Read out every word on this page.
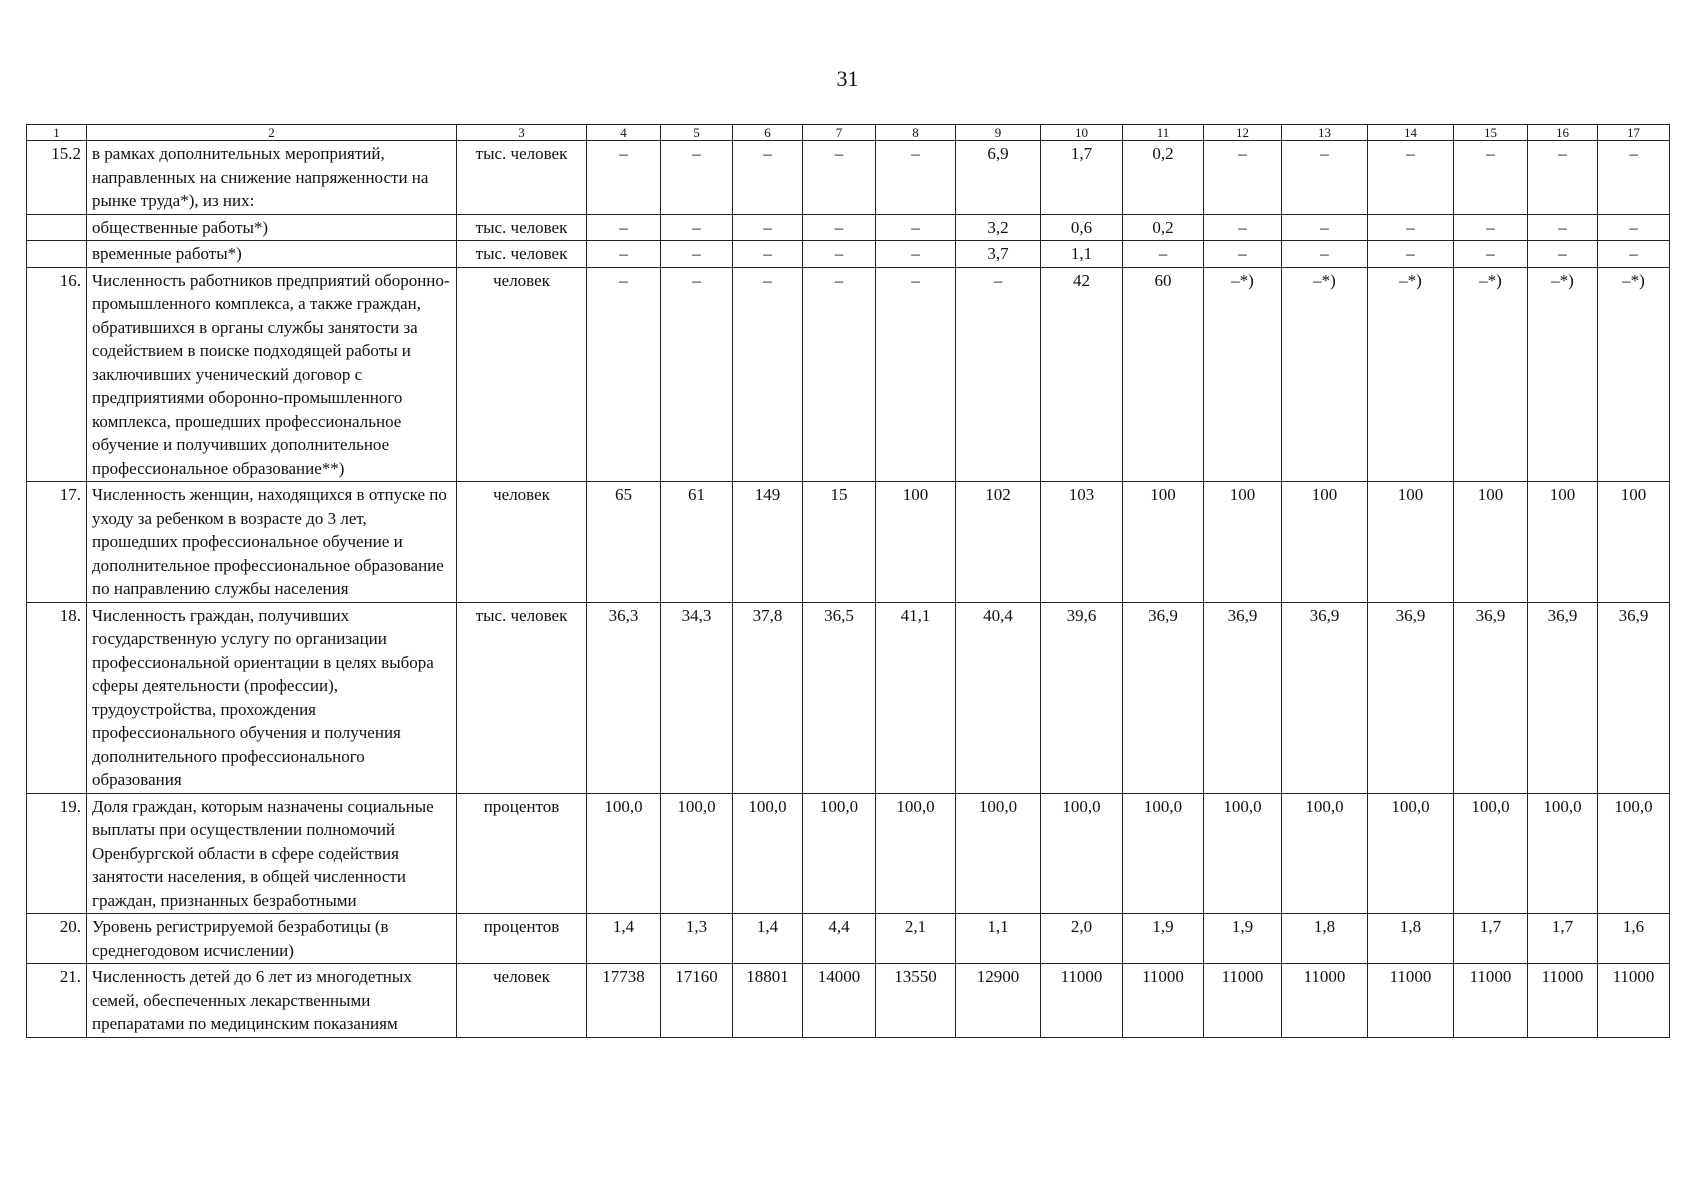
31
1	2	3	4	5	6	7	8	9	10	11	12	13	14	15	16	17
15.2	в рамках дополнительных мероприятий, направленных на снижение напряженности на рынке труда*), из них:	тыс. человек	–	–	–	–	–	6,9	1,7	0,2	–	–	–	–	–	–
	общественные работы*)	тыс. человек	–	–	–	–	–	3,2	0,6	0,2	–	–	–	–	–	–
	временные работы*)	тыс. человек	–	–	–	–	–	3,7	1,1	–	–	–	–	–	–	–
16.	Численность работников предприятий оборонно-промышленного комплекса, а также граждан, обратившихся в органы службы занятости за содействием в поиске подходящей работы и заключивших ученический договор с предприятиями оборонно-промышленного комплекса, прошедших профессиональное обучение и получивших дополнительное профессиональное образование**)	человек	–	–	–	–	–	–	42	60	–*)	–*)	–*)	–*)	–*)	–*)
17.	Численность женщин, находящихся в отпуске по уходу за ребенком в возрасте до 3 лет, прошедших профессиональное обучение и дополнительное профессиональное образование по направлению службы населения	человек	65	61	149	15	100	102	103	100	100	100	100	100	100	100
18.	Численность граждан, получивших государственную услугу по организации профессиональной ориентации в целях выбора сферы деятельности (профессии), трудоустройства, прохождения профессионального обучения и получения дополнительного профессионального образования	тыс. человек	36,3	34,3	37,8	36,5	41,1	40,4	39,6	36,9	36,9	36,9	36,9	36,9	36,9	36,9
19.	Доля граждан, которым назначены социальные выплаты при осуществлении полномочий Оренбургской области в сфере содействия занятости населения, в общей численности граждан, признанных безработными	процентов	100,0	100,0	100,0	100,0	100,0	100,0	100,0	100,0	100,0	100,0	100,0	100,0	100,0	100,0
20.	Уровень регистрируемой безработицы (в среднегодовом исчислении)	процентов	1,4	1,3	1,4	4,4	2,1	1,1	2,0	1,9	1,9	1,8	1,8	1,7	1,7	1,6
21.	Численность детей до 6 лет из многодетных семей, обеспеченных лекарственными препаратами по медицинским показаниям	человек	17738	17160	18801	14000	13550	12900	11000	11000	11000	11000	11000	11000	11000	11000
